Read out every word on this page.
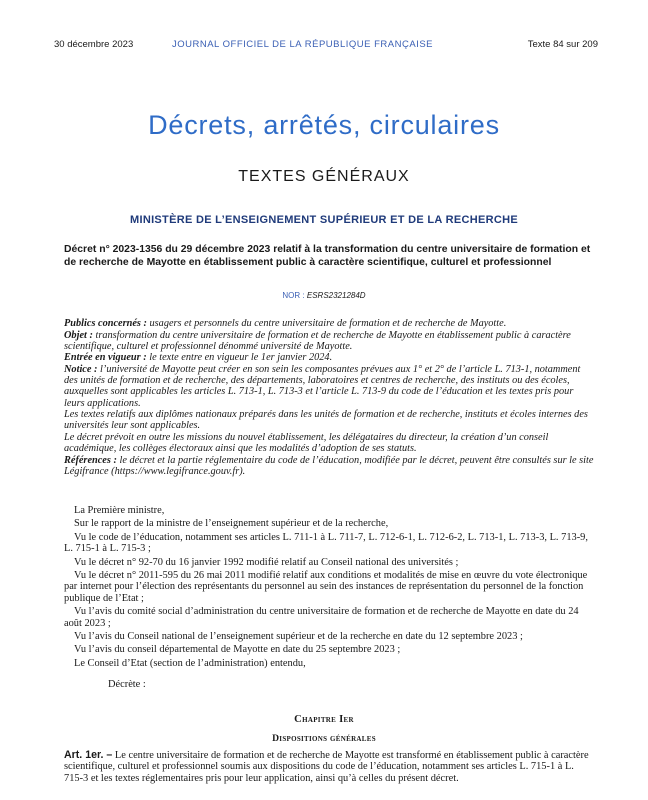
30 décembre 2023	JOURNAL OFFICIEL DE LA RÉPUBLIQUE FRANÇAISE	Texte 84 sur 209
Décrets, arrêtés, circulaires
TEXTES GÉNÉRAUX
MINISTÈRE DE L’ENSEIGNEMENT SUPÉRIEUR ET DE LA RECHERCHE
Décret n° 2023-1356 du 29 décembre 2023 relatif à la transformation du centre universitaire de formation et de recherche de Mayotte en établissement public à caractère scientifique, culturel et professionnel
NOR : ESRS2321284D

Publics concernés : usagers et personnels du centre universitaire de formation et de recherche de Mayotte.

Objet : transformation du centre universitaire de formation et de recherche de Mayotte en établissement public à caractère scientifique, culturel et professionnel dénommé université de Mayotte.

Entrée en vigueur : le texte entre en vigueur le 1er janvier 2024.

Notice : l’université de Mayotte peut créer en son sein les composantes prévues aux 1° et 2° de l’article L. 713-1, notamment des unités de formation et de recherche, des départements, laboratoires et centres de recherche, des instituts ou des écoles, auxquelles sont applicables les articles L. 713-1, L. 713-3 et l’article L. 713-9 du code de l’éducation et les textes pris pour leurs applications.

Les textes relatifs aux diplômes nationaux préparés dans les unités de formation et de recherche, instituts et écoles internes des universités leur sont applicables.

Le décret prévoit en outre les missions du nouvel établissement, les délégataires du directeur, la création d’un conseil académique, les collèges électoraux ainsi que les modalités d’adoption de ses statuts.

Références : le décret et la partie réglementaire du code de l’éducation, modifiée par le décret, peuvent être consultés sur le site Légifrance (https://www.legifrance.gouv.fr).

La Première ministre,

Sur le rapport de la ministre de l’enseignement supérieur et de la recherche,

Vu le code de l’éducation, notamment ses articles L. 711-1 à L. 711-7, L. 712-6-1, L. 712-6-2, L. 713-1, L. 713-3, L. 713-9, L. 715-1 à L. 715-3 ;

Vu le décret n° 92-70 du 16 janvier 1992 modifié relatif au Conseil national des universités ;

Vu le décret n° 2011-595 du 26 mai 2011 modifié relatif aux conditions et modalités de mise en œuvre du vote électronique par internet pour l’élection des représentants du personnel au sein des instances de représentation du personnel de la fonction publique de l’Etat ;

Vu l’avis du comité social d’administration du centre universitaire de formation et de recherche de Mayotte en date du 24 août 2023 ;

Vu l’avis du Conseil national de l’enseignement supérieur et de la recherche en date du 12 septembre 2023 ;

Vu l’avis du conseil départemental de Mayotte en date du 25 septembre 2023 ;

Le Conseil d’Etat (section de l’administration) entendu,

Décrète :

Chapitre Ier
Dispositions générales
Art. 1er. – Le centre universitaire de formation et de recherche de Mayotte est transformé en établissement public à caractère scientifique, culturel et professionnel soumis aux dispositions du code de l’éducation, notamment ses articles L. 715-1 à L. 715-3 et les textes réglementaires pris pour leur application, ainsi qu’à celles du présent décret.
